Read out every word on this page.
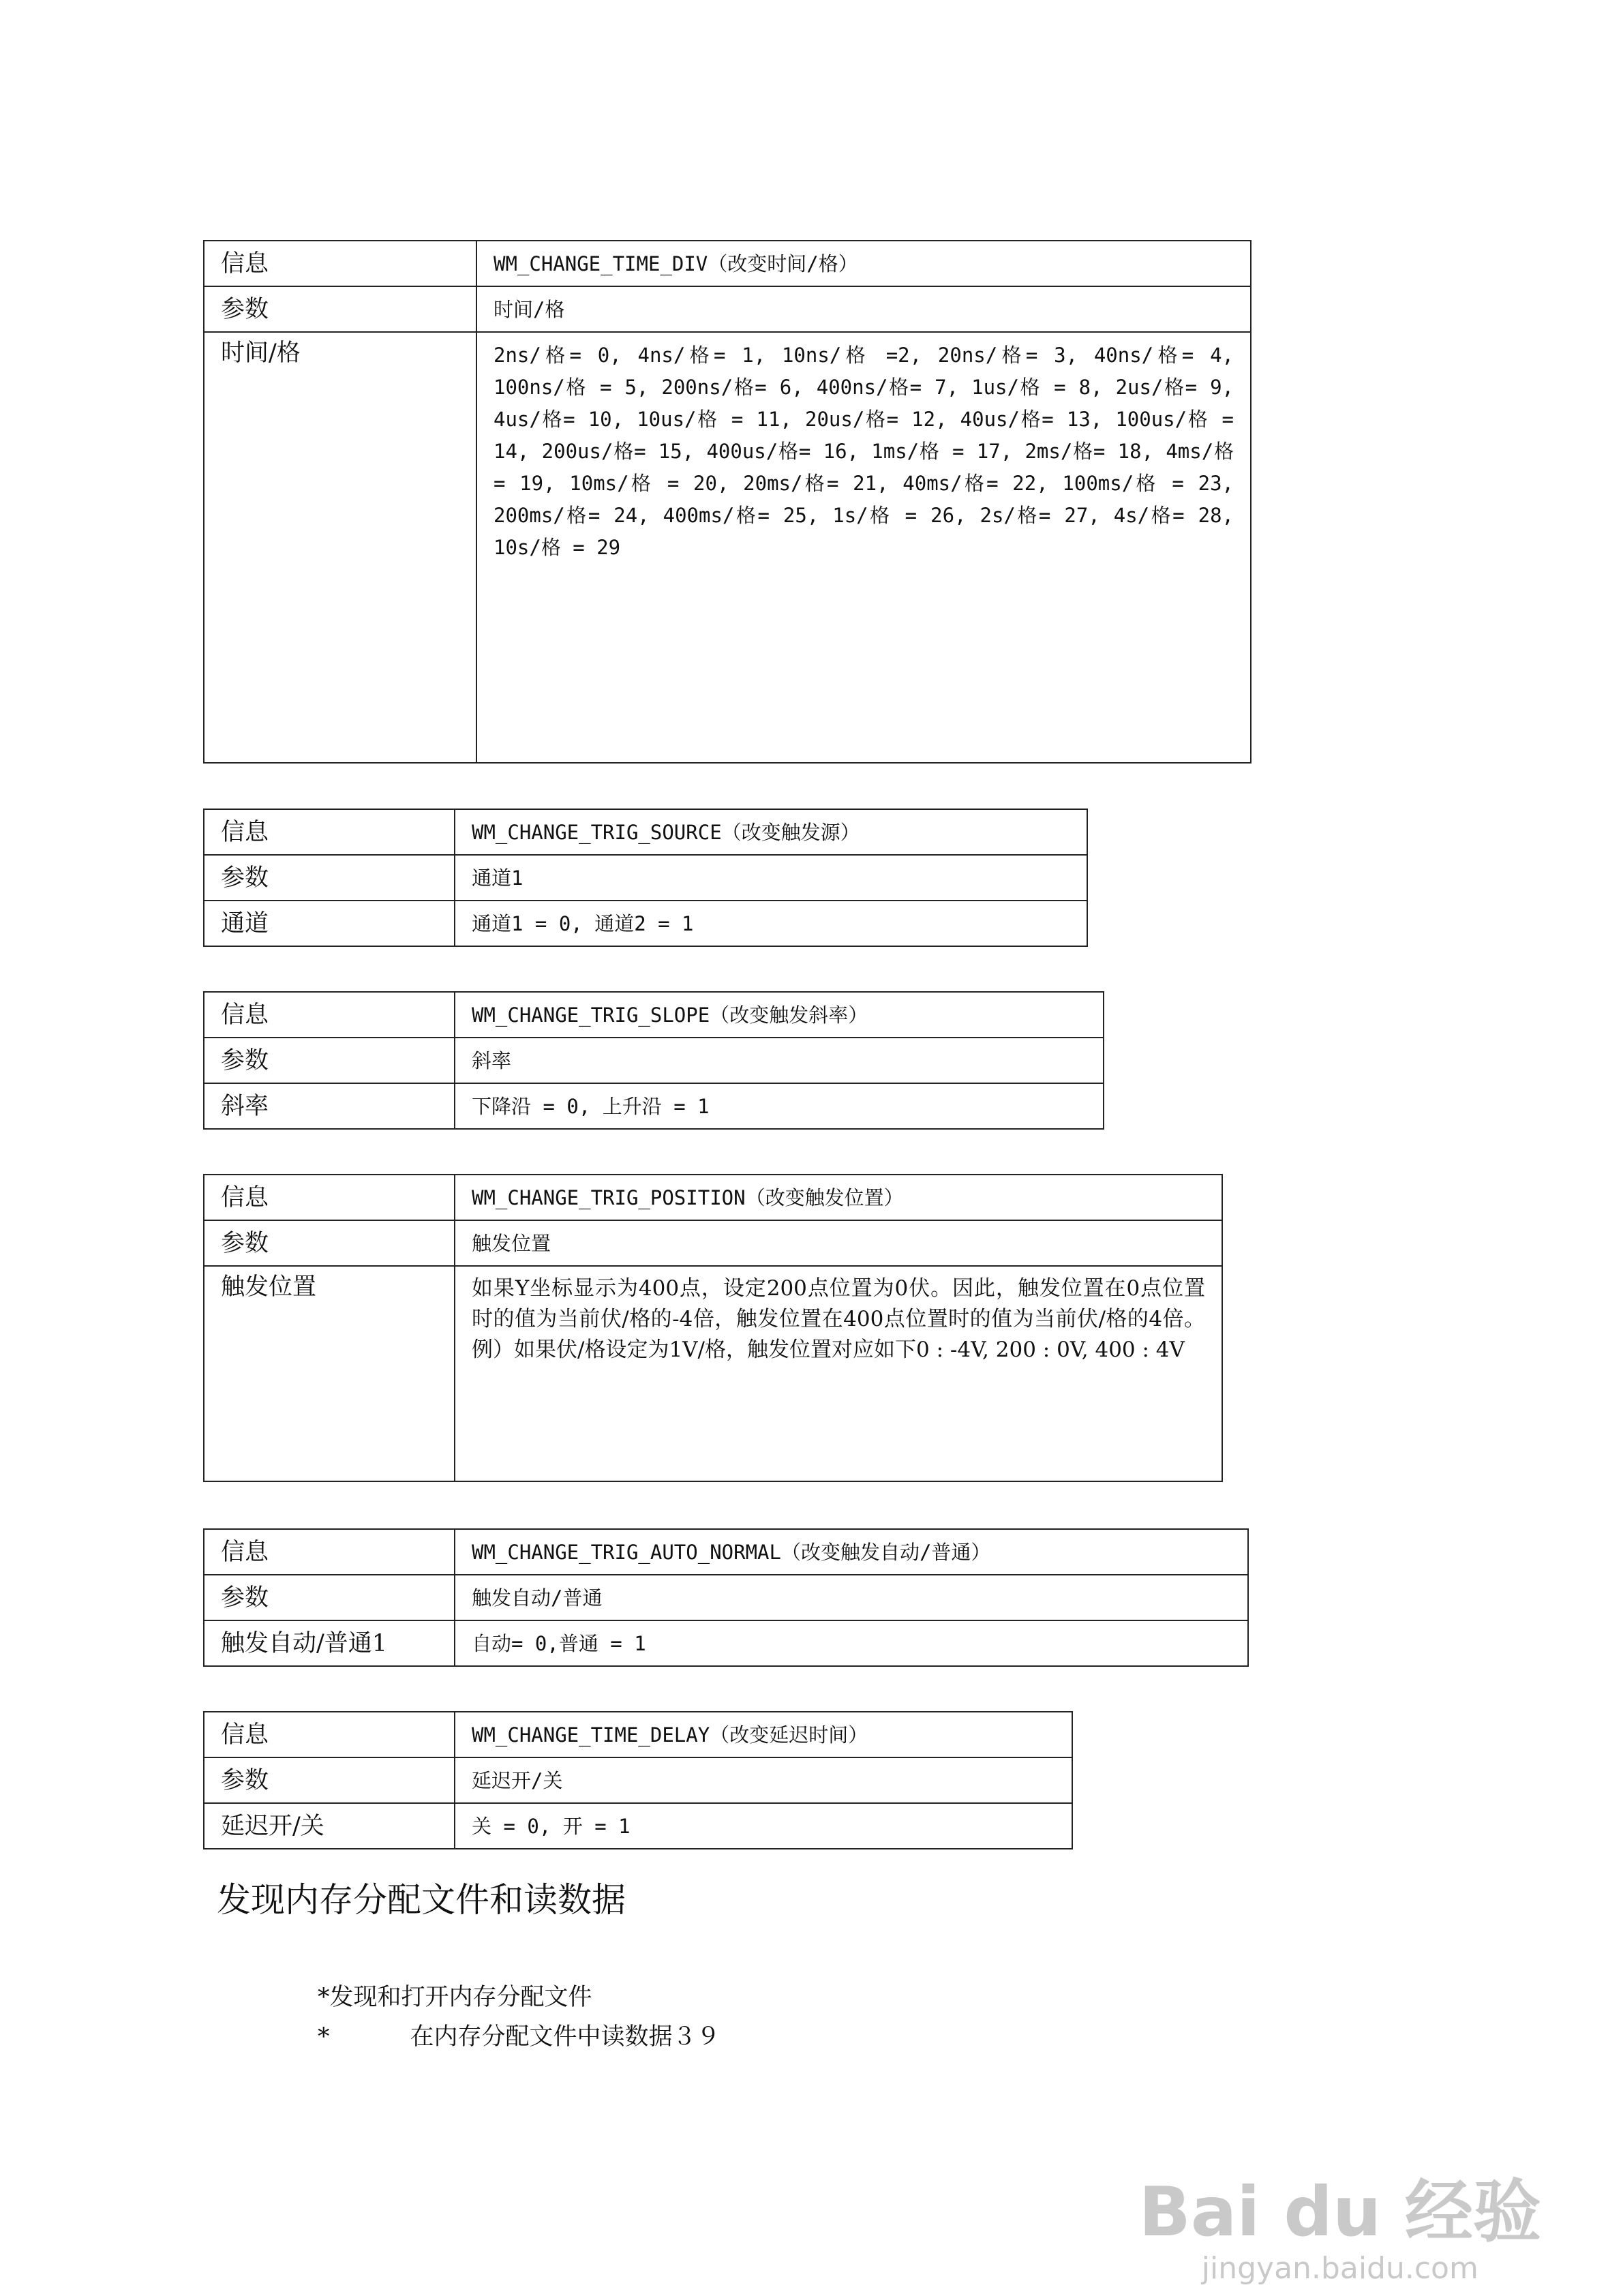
信息	WM_CHANGE_TIME_DIV（改变时间/格）
参数	时间/格
时间/格	2ns/格= 0, 4ns/格= 1, 10ns/格 =2, 20ns/格= 3, 40ns/格= 4, 100ns/格 = 5, 200ns/格= 6, 400ns/格= 7, 1us/格 = 8, 2us/格= 9, 4us/格= 10, 10us/格 = 11, 20us/格= 12, 40us/格= 13, 100us/格 = 14, 200us/格= 15, 400us/格= 16, 1ms/格 = 17, 2ms/格= 18, 4ms/格= 19, 10ms/格 = 20, 20ms/格= 21, 40ms/格= 22, 100ms/格 = 23, 200ms/格= 24, 400ms/格= 25, 1s/格 = 26, 2s/格= 27, 4s/格= 28, 10s/格 = 29
信息	WM_CHANGE_TRIG_SOURCE（改变触发源）
参数	通道1
通道	通道1 = 0, 通道2 = 1
信息	WM_CHANGE_TRIG_SLOPE（改变触发斜率）
参数	斜率
斜率	下降沿 = 0, 上升沿 = 1
信息	WM_CHANGE_TRIG_POSITION（改变触发位置）
参数	触发位置
触发位置	如果Y坐标显示为400点，设定200点位置为0伏。因此，触发位置在0点位置时的值为当前伏/格的-4倍，触发位置在400点位置时的值为当前伏/格的4倍。例）如果伏/格设定为1V/格，触发位置对应如下0 : -4V, 200 : 0V, 400 : 4V
信息	WM_CHANGE_TRIG_AUTO_NORMAL（改变触发自动/普通）
参数	触发自动/普通
触发自动/普通1	自动= 0,普通 = 1
信息	WM_CHANGE_TIME_DELAY（改变延迟时间）
参数	延迟开/关
延迟开/关	关 = 0, 开 = 1
发现内存分配文件和读数据
*发现和打开内存分配文件
*	在内存分配文件中读数据３９
Bai du 经验
jingyan.baidu.com
